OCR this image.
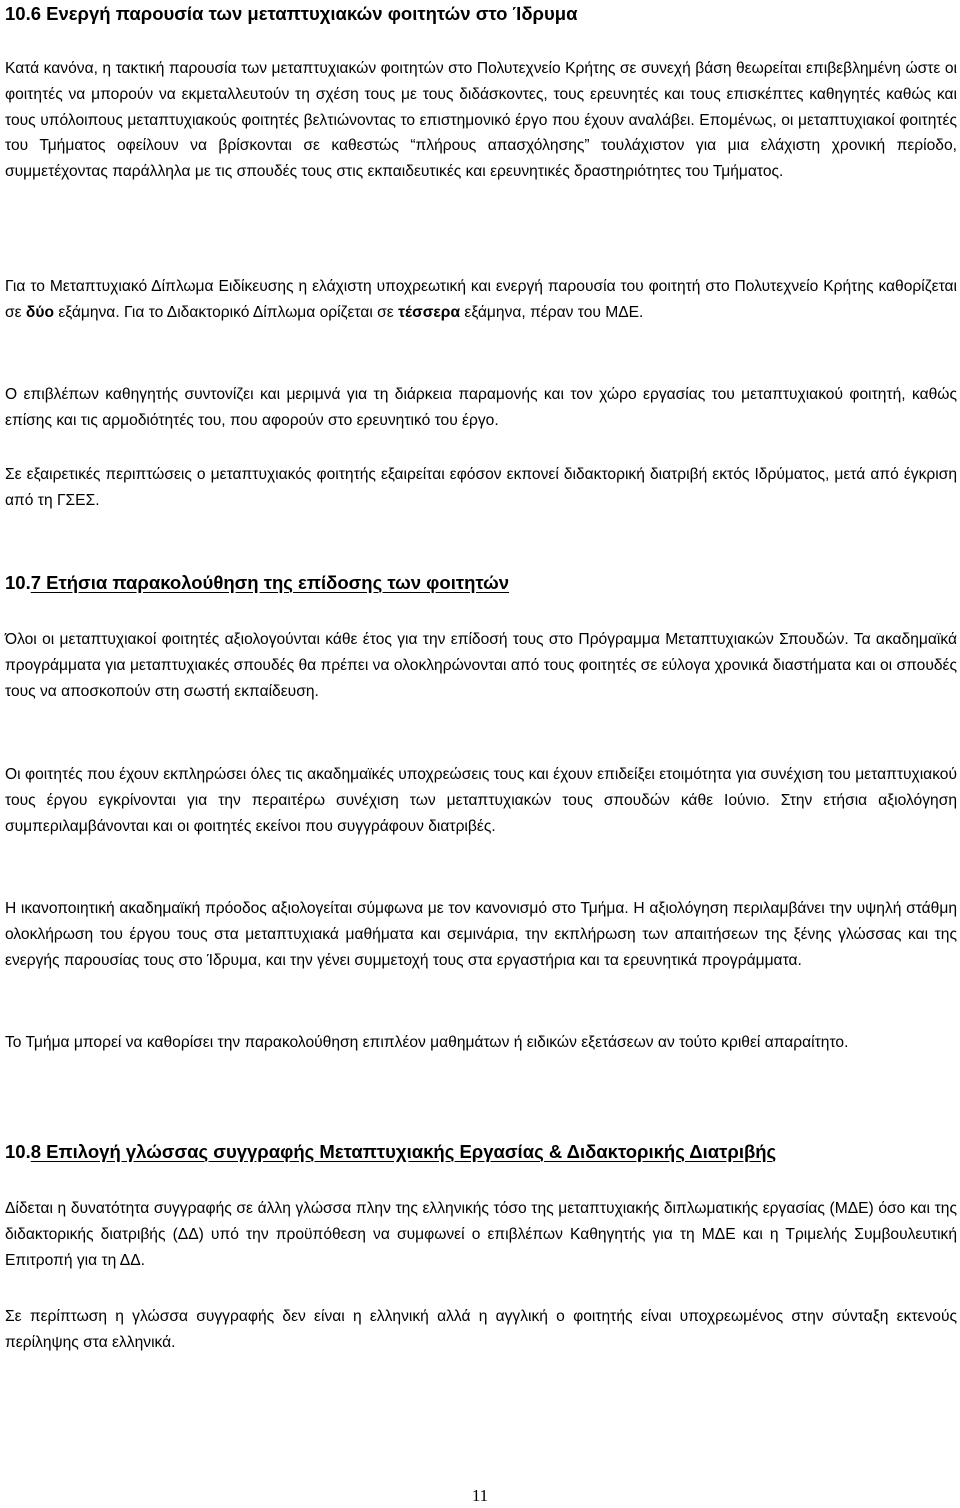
10.6 Ενεργή παρουσία των μεταπτυχιακών φοιτητών στο Ίδρυμα

Κατά κανόνα, η τακτική παρουσία των μεταπτυχιακών φοιτητών στο Πολυτεχνείο Κρήτης σε συνεχή βάση θεωρείται επιβεβλημένη ώστε οι φοιτητές να μπορούν να εκμεταλλευτούν τη σχέση τους με τους διδάσκοντες, τους ερευνητές και τους επισκέπτες καθηγητές καθώς και τους υπόλοιπους μεταπτυχιακούς φοιτητές βελτιώνοντας το επιστημονικό έργο που έχουν αναλάβει. Επομένως, οι μεταπτυχιακοί φοιτητές του Τμήματος οφείλουν να βρίσκονται σε καθεστώς “πλήρους απασχόλησης” τουλάχιστον για μια ελάχιστη χρονική περίοδο, συμμετέχοντας παράλληλα με τις σπουδές τους στις εκπαιδευτικές και ερευνητικές δραστηριότητες του Τμήματος.

Για το Μεταπτυχιακό Δίπλωμα Ειδίκευσης η ελάχιστη υποχρεωτική και ενεργή παρουσία του φοιτητή στο Πολυτεχνείο Κρήτης καθορίζεται σε δύο εξάμηνα. Για το Διδακτορικό Δίπλωμα ορίζεται σε τέσσερα εξάμηνα, πέραν του ΜΔΕ.

Ο επιβλέπων καθηγητής συντονίζει και μεριμνά για τη διάρκεια παραμονής και τον χώρο εργασίας του μεταπτυχιακού φοιτητή, καθώς επίσης και τις αρμοδιότητές του, που αφορούν στο ερευνητικό του έργο.

Σε εξαιρετικές περιπτώσεις ο μεταπτυχιακός φοιτητής εξαιρείται εφόσον εκπονεί διδακτορική διατριβή εκτός Ιδρύματος, μετά από έγκριση από τη ΓΣΕΣ.

10.7 Ετήσια παρακολούθηση της επίδοσης των φοιτητών

Όλοι οι μεταπτυχιακοί φοιτητές αξιολογούνται κάθε έτος για την επίδοσή τους στο Πρόγραμμα Μεταπτυχιακών Σπουδών. Τα ακαδημαϊκά προγράμματα για μεταπτυχιακές σπουδές θα πρέπει να ολοκληρώνονται από τους φοιτητές σε εύλογα χρονικά διαστήματα και οι σπουδές τους να αποσκοπούν στη σωστή εκπαίδευση.

Οι φοιτητές που έχουν εκπληρώσει όλες τις ακαδημαϊκές υποχρεώσεις τους και έχουν επιδείξει ετοιμότητα για συνέχιση του μεταπτυχιακού τους έργου εγκρίνονται για την περαιτέρω συνέχιση των μεταπτυχιακών τους σπουδών κάθε Ιούνιο. Στην ετήσια αξιολόγηση συμπεριλαμβάνονται και οι φοιτητές εκείνοι που συγγράφουν διατριβές.

Η ικανοποιητική ακαδημαϊκή πρόοδος αξιολογείται σύμφωνα με τον κανονισμό στο Τμήμα. Η αξιολόγηση περιλαμβάνει την υψηλή στάθμη ολοκλήρωση του έργου τους στα μεταπτυχιακά μαθήματα και σεμινάρια, την εκπλήρωση των απαιτήσεων της ξένης γλώσσας και της ενεργής παρουσίας τους στο Ίδρυμα, και την γένει συμμετοχή τους στα εργαστήρια και τα ερευνητικά προγράμματα.

Το Τμήμα μπορεί να καθορίσει την παρακολούθηση επιπλέον μαθημάτων ή ειδικών εξετάσεων αν τούτο κριθεί απαραίτητο.

10.8 Επιλογή γλώσσας συγγραφής Μεταπτυχιακής Εργασίας & Διδακτορικής Διατριβής

Δίδεται η δυνατότητα συγγραφής σε άλλη γλώσσα πλην της ελληνικής τόσο της μεταπτυχιακής διπλωματικής εργασίας (ΜΔΕ) όσο και της διδακτορικής διατριβής (ΔΔ) υπό την προϋπόθεση να συμφωνεί ο επιβλέπων Καθηγητής για τη ΜΔΕ και η Τριμελής Συμβουλευτική Επιτροπή για τη ΔΔ.

Σε περίπτωση η γλώσσα συγγραφής δεν είναι η ελληνική αλλά η αγγλική ο φοιτητής είναι υποχρεωμένος στην σύνταξη εκτενούς περίληψης στα ελληνικά.

11
